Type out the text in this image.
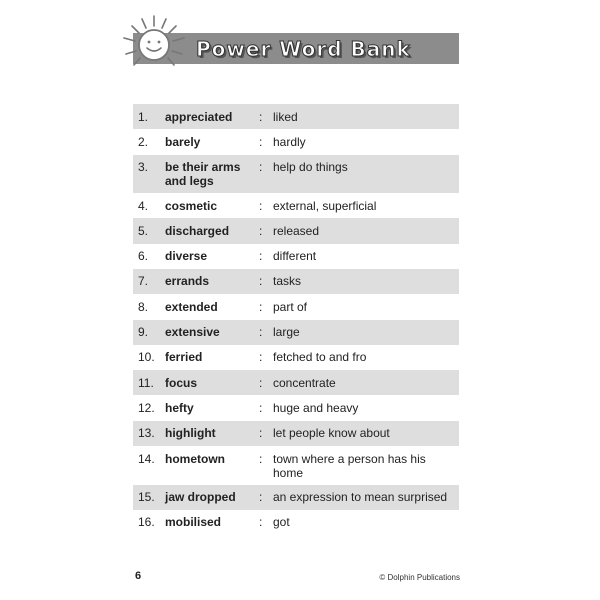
Power Word Bank
1.	appreciated	: liked
2.	barely	: hardly
3.	be their arms and legs
: help do things
4.	cosmetic	: external, superficial
5.	discharged	: released
6.	diverse	: different
7.	errands	: tasks
8.	extended	: part of
9.	extensive	: large
10. ferried	: fetched to and fro
11. focus	: concentrate
12. hefty	: huge and heavy
13. highlight	: let people know about
14. hometown	: town where a person has his home
15. jaw dropped	: an expression to mean surprised
16. mobilised	: got
6	© Dolphin Publications
